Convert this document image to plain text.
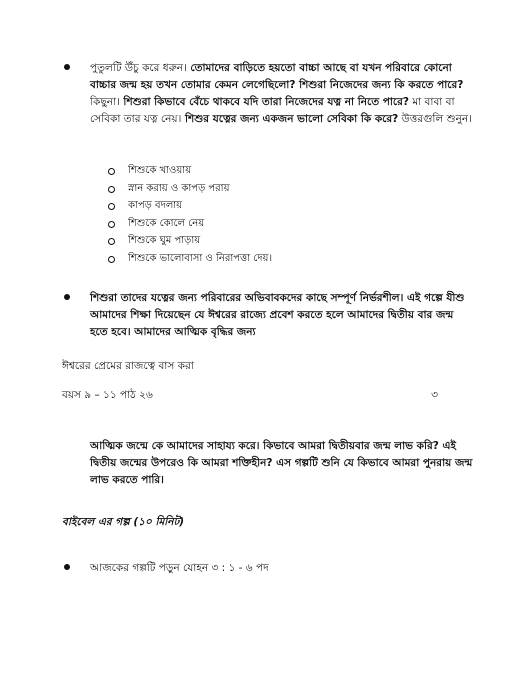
পুতুলটি উঁচু করে ধরুন। তোমাদের বাড়িতে হয়তো বাচ্চা আছে বা যখন পরিবারে কোনো বাচ্চার জন্ম হয় তখন তোমার কেমন লেগেছিলো? শিশুরা নিজেদের জন্য কি করতে পারে? কিছুনা। শিশুরা কিভাবে বেঁচে থাকবে যদি তারা নিজেদের যত্ন না নিতে পারে? মা বাবা বা সেবিকা তার যত্ন নেয়। শিশুর যত্নের জন্য একজন ভালো সেবিকা কি করে? উত্তরগুলি শুনুন।
শিশুকে খাওয়ায়
স্নান করায় ও কাপড় পরায়
কাপড় বদলায়
শিশুকে কোলে নেয়
শিশুকে ঘুম পাড়ায়
শিশুকে ভালোবাসা ও নিরাপত্তা দেয়।
শিশুরা তাদের যত্নের জন্য পরিবারের অভিবাবকদের কাছে সম্পূর্ণ নির্ভরশীল। এই গল্পে যীশু আমাদের শিক্ষা দিয়েছেন যে ঈশ্বরের রাজ্যে প্রবেশ করতে হলে আমাদের দ্বিতীয় বার জন্ম হতে হবে। আমাদের আত্মিক বৃদ্ধির জন্য
ঈশ্বরের প্রেমের রাজত্বে বাস করা
বয়স ৯ – ১১ পাঠ ২৬	৩
আত্মিক জন্মে কে আমাদের সাহায্য করে। কিভাবে আমরা দ্বিতীয়বার জন্ম লাভ করি? এই দ্বিতীয় জন্মের উপরেও কি আমরা শক্তিহীন? এস গল্পটি শুনি যে কিভাবে আমরা পুনরায় জন্ম লাভ করতে পারি।
বাইবেল এর গল্প (১০ মিনিট)
আজকের গল্পটি পড়ুন যোহন ৩ : ১ - ৬ পদ
